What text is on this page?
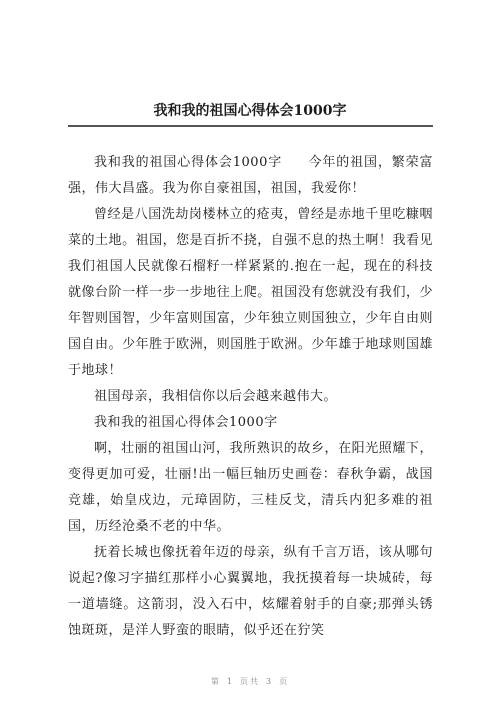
我和我的祖国心得体会1000字

我和我的祖国心得体会1000字 今年的祖国，繁荣富强，伟大昌盛。我为你自豪祖国，祖国，我爱你！

曾经是八国洗劫岗楼林立的疮夷，曾经是赤地千里吃糠咽菜的土地。祖国，您是百折不挠，自强不息的热土啊！我看见我们祖国人民就像石榴籽一样紧紧的.抱在一起，现在的科技就像台阶一样一步一步地往上爬。祖国没有您就没有我们，少年智则国智，少年富则国富，少年独立则国独立，少年自由则国自由。少年胜于欧洲，则国胜于欧洲。少年雄于地球则国雄于地球！

祖国母亲，我相信你以后会越来越伟大。

我和我的祖国心得体会1000字

啊，壮丽的祖国山河，我所熟识的故乡，在阳光照耀下，变得更加可爱，壮丽!出一幅巨轴历史画卷：春秋争霸，战国竞雄，始皇戍边，元璋固防，三桂反戈，清兵内犯多难的祖国，历经沧桑不老的中华。

抚着长城也像抚着年迈的母亲，纵有千言万语，该从哪句说起?像习字描红那样小心翼翼地，我抚摸着每一块城砖，每一道墙缝。这箭羽，没入石中，炫耀着射手的自豪;那弹头锈蚀斑斑，是洋人野蛮的眼睛，似乎还在狞笑

第 1 页共 3 页
